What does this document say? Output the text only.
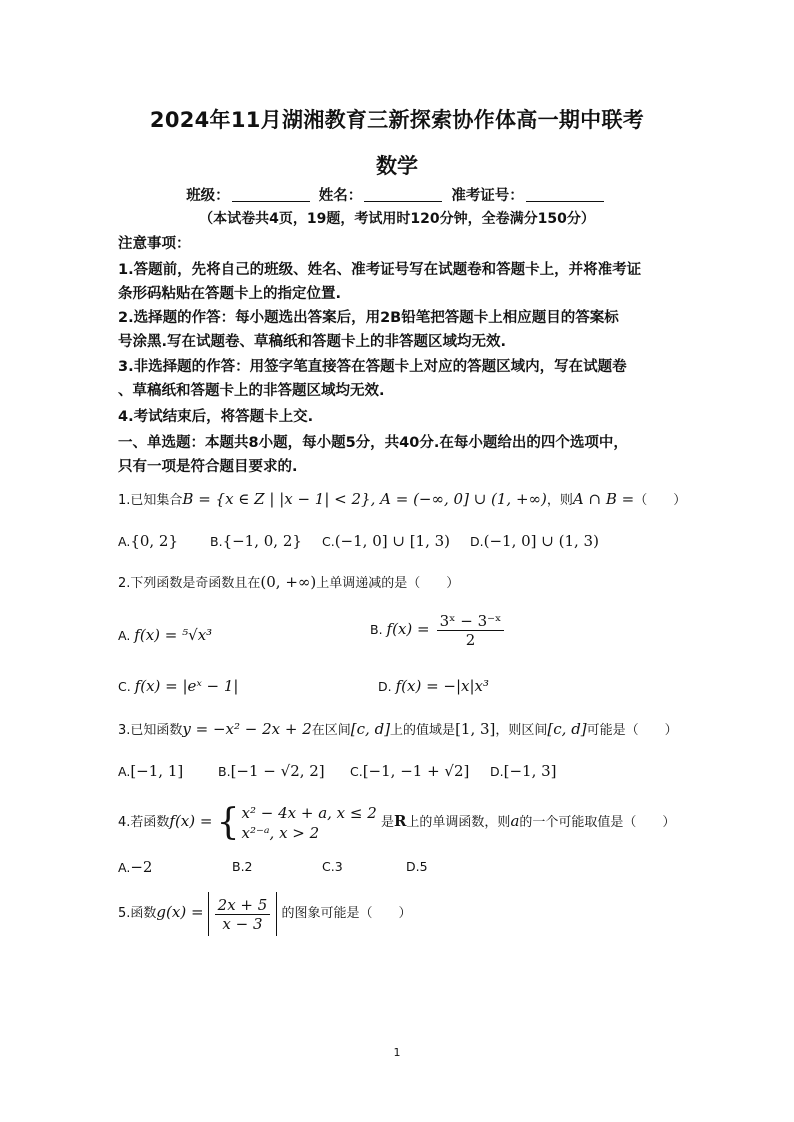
2024年11月湖湘教育三新探索协作体高一期中联考
数学
班级：	姓名：	准考证号：
（本试卷共4页，19题，考试用时120分钟，全卷满分150分）
注意事项：
1.答题前，先将自己的班级、姓名、准考证号写在试题卷和答题卡上，并将准考证
条形码粘贴在答题卡上的指定位置.
2.选择题的作答：每小题选出答案后，用2B铅笔把答题卡上相应题目的答案标
号涂黑.写在试题卷、草稿纸和答题卡上的非答题区域均无效.
3.非选择题的作答：用签字笔直接答在答题卡上对应的答题区域内，写在试题卷
、草稿纸和答题卡上的非答题区域均无效.
4.考试结束后，将答题卡上交.
一、单选题：本题共8小题，每小题5分，共40分.在每小题给出的四个选项中，
只有一项是符合题目要求的.
1.已知集合B = {x ∈ Z | |x − 1| < 2}, A = (−∞, 0] ∪ (1, +∞)，则A ∩ B =（　　）
A.{0, 2}	B.{−1, 0, 2} C.(−1, 0] ∪ [1, 3) D.(−1, 0] ∪ (1, 3)
2.下列函数是奇函数且在(0, +∞)上单调递减的是（　　）
A. f(x) = ⁵√x³	B. $f(x) = \frac{\text{3ˣ − 3⁻ˣ}}{2}$
C. f(x) = |eˣ − 1|	D. f(x) = −|x|x³
3.已知函数y = −x² − 2x + 2在区间[c, d]上的值域是[1, 3]，则区间[c, d]可能是（　　）
A.[−1, 1]	B.[−1 − √2, 2] C.[−1, −1 + √2] D.[−1, 3]
4.若函数f(x) = { x² − 4x + a, x ≤ 2
x²⁻ᵃ, x > 2
是R上的单调函数，则a的一个可能取值是（　　）
A.−2	B.2	C.3	D.5
5.函数$g(x) = \frac{2x + 5}{x - 3}$ 的图象可能是（　　）
1
